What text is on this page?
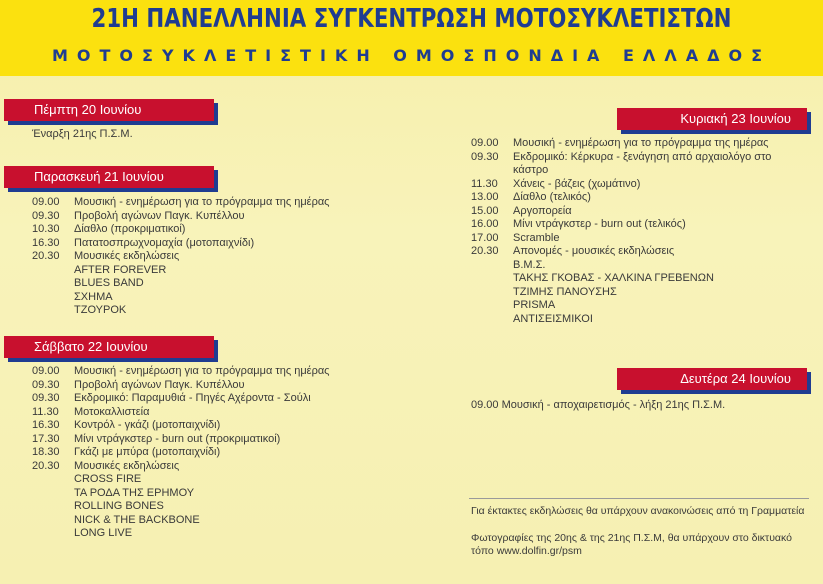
21Η ΠΑΝΕΛΛΗΝΙΑ ΣΥΓΚΕΝΤΡΩΣΗ ΜΟΤΟΣΥΚΛΕΤΙΣΤΩΝ
ΜΟΤΟΣΥΚΛΕΤΙΣΤΙΚΗ ΟΜΟΣΠΟΝΔΙΑ ΕΛΛΑΔΟΣ
Πέμπτη 20 Ιουνίου
Έναρξη 21ης Π.Σ.Μ.
Παρασκευή 21 Ιουνίου
09.00	Μουσική - ενημέρωση για το πρόγραμμα της ημέρας
09.30	Προβολή αγώνων Παγκ. Κυπέλλου
10.30	Δίαθλο (προκριματικοί)
16.30	Πατατοσπρωχνομαχία (μοτοπαιχνίδι)
20.30	Μουσικές εκδηλώσεις
AFTER FOREVER
BLUES BAND
ΣΧΗΜΑ
ΤΖΟΥΡΟΚ
Σάββατο 22 Ιουνίου
09.00	Μουσική - ενημέρωση για το πρόγραμμα της ημέρας
09.30	Προβολή αγώνων Παγκ. Κυπέλλου
09.30	Εκδρομικό: Παραμυθιά - Πηγές Αχέροντα - Σούλι
11.30	Μοτοκαλλιστεία
16.30	Κοντρόλ - γκάζι (μοτοπαιχνίδι)
17.30	Μίνι ντράγκστερ - burn out (προκριματικοί)
18.30	Γκάζι με μπύρα (μοτοπαιχνίδι)
20.30	Μουσικές εκδηλώσεις
CROSS FIRE
ΤΑ ΡΟΔΑ ΤΗΣ ΕΡΗΜΟΥ
ROLLING BONES
NICK & THE BACKBONE
LONG LIVE
Κυριακή 23 Ιουνίου
09.00	Μουσική - ενημέρωση για το πρόγραμμα της ημέρας
09.30	Εκδρομικό: Κέρκυρα - ξενάγηση από αρχαιολόγο στο
κάστρο
11.30	Χάνεις - βάζεις (χωμάτινο)
13.00	Δίαθλο (τελικός)
15.00	Αργοπορεία
16.00	Μίνι ντράγκστερ - burn out (τελικός)
17.00	Scramble
20.30	Απονομές - μουσικές εκδηλώσεις
Β.Μ.Σ.
ΤΑΚΗΣ ΓΚΟΒΑΣ - ΧΑΛΚΙΝΑ ΓΡΕΒΕΝΩΝ
ΤΖΙΜΗΣ ΠΑΝΟΥΣΗΣ
PRISMA
ΑΝΤΙΣΕΙΣΜΙΚΟΙ
Δευτέρα 24 Ιουνίου
09.00 Μουσική - αποχαιρετισμός - λήξη 21ης Π.Σ.Μ.
Για έκτακτες εκδηλώσεις θα υπάρχουν ανακοινώσεις από τη Γραμματεία
Φωτογραφίες της 20ης & της 21ης Π.Σ.Μ, θα υπάρχουν στο δικτυακό τόπο www.dolfin.gr/psm
